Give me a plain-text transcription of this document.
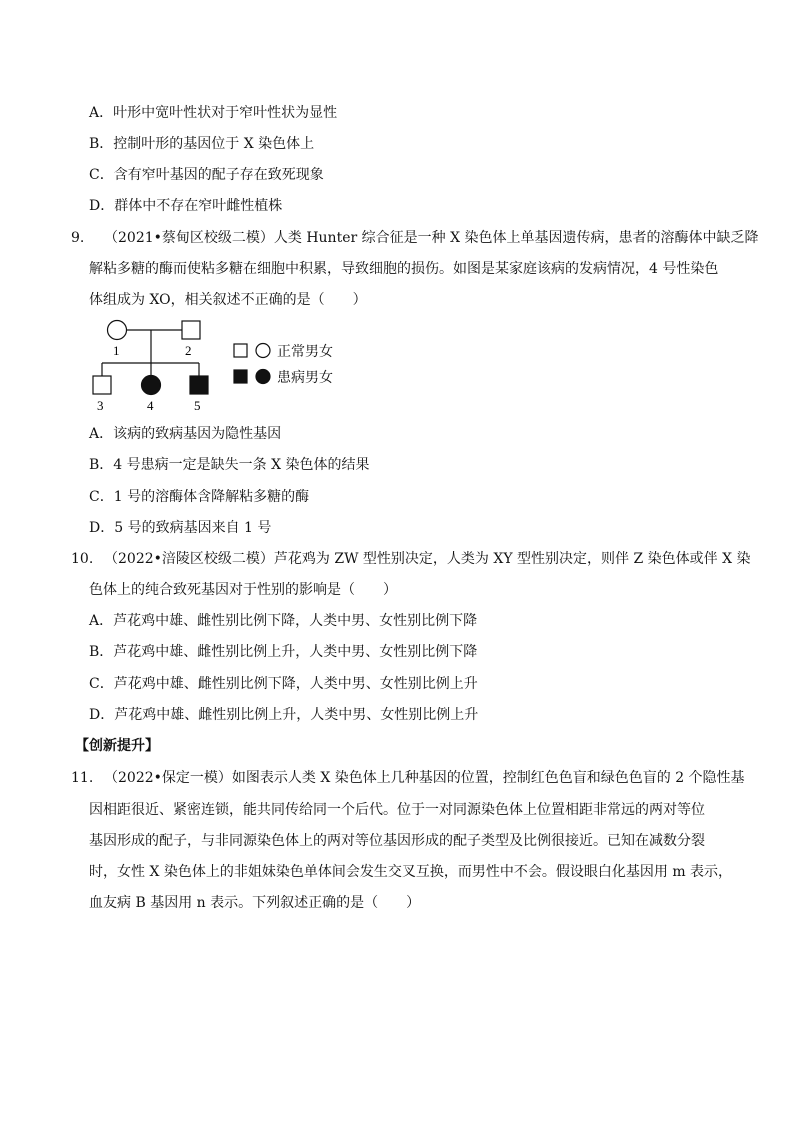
A．叶形中宽叶性状对于窄叶性状为显性
B．控制叶形的基因位于 X 染色体上
C．含有窄叶基因的配子存在致死现象
D．群体中不存在窄叶雌性植株
9. （2021•蔡甸区校级二模）人类 Hunter 综合征是一种 X 染色体上单基因遗传病，患者的溶酶体中缺乏降
解粘多糖的酶而使粘多糖在细胞中积累，导致细胞的损伤。如图是某家庭该病的发病情况，4 号性染色
体组成为 XO，相关叙述不正确的是（　　）
1	2
3	4	5
正常男女
患病男女
A．该病的致病基因为隐性基因
B．4 号患病一定是缺失一条 X 染色体的结果
C．1 号的溶酶体含降解粘多糖的酶
D．5 号的致病基因来自 1 号
10. （2022•涪陵区校级二模）芦花鸡为 ZW 型性别决定，人类为 XY 型性别决定，则伴 Z 染色体或伴 X 染
色体上的纯合致死基因对于性别的影响是（　　）
A．芦花鸡中雄、雌性别比例下降，人类中男、女性别比例下降
B．芦花鸡中雄、雌性别比例上升，人类中男、女性别比例下降
C．芦花鸡中雄、雌性别比例下降，人类中男、女性别比例上升
D．芦花鸡中雄、雌性别比例上升，人类中男、女性别比例上升
【创新提升】
11. （2022•保定一模）如图表示人类 X 染色体上几种基因的位置，控制红色色盲和绿色色盲的 2 个隐性基
因相距很近、紧密连锁，能共同传给同一个后代。位于一对同源染色体上位置相距非常远的两对等位
基因形成的配子，与非同源染色体上的两对等位基因形成的配子类型及比例很接近。已知在减数分裂
时，女性 X 染色体上的非姐妹染色单体间会发生交叉互换，而男性中不会。假设眼白化基因用 m 表示，
血友病 B 基因用 n 表示。下列叙述正确的是（　　）
